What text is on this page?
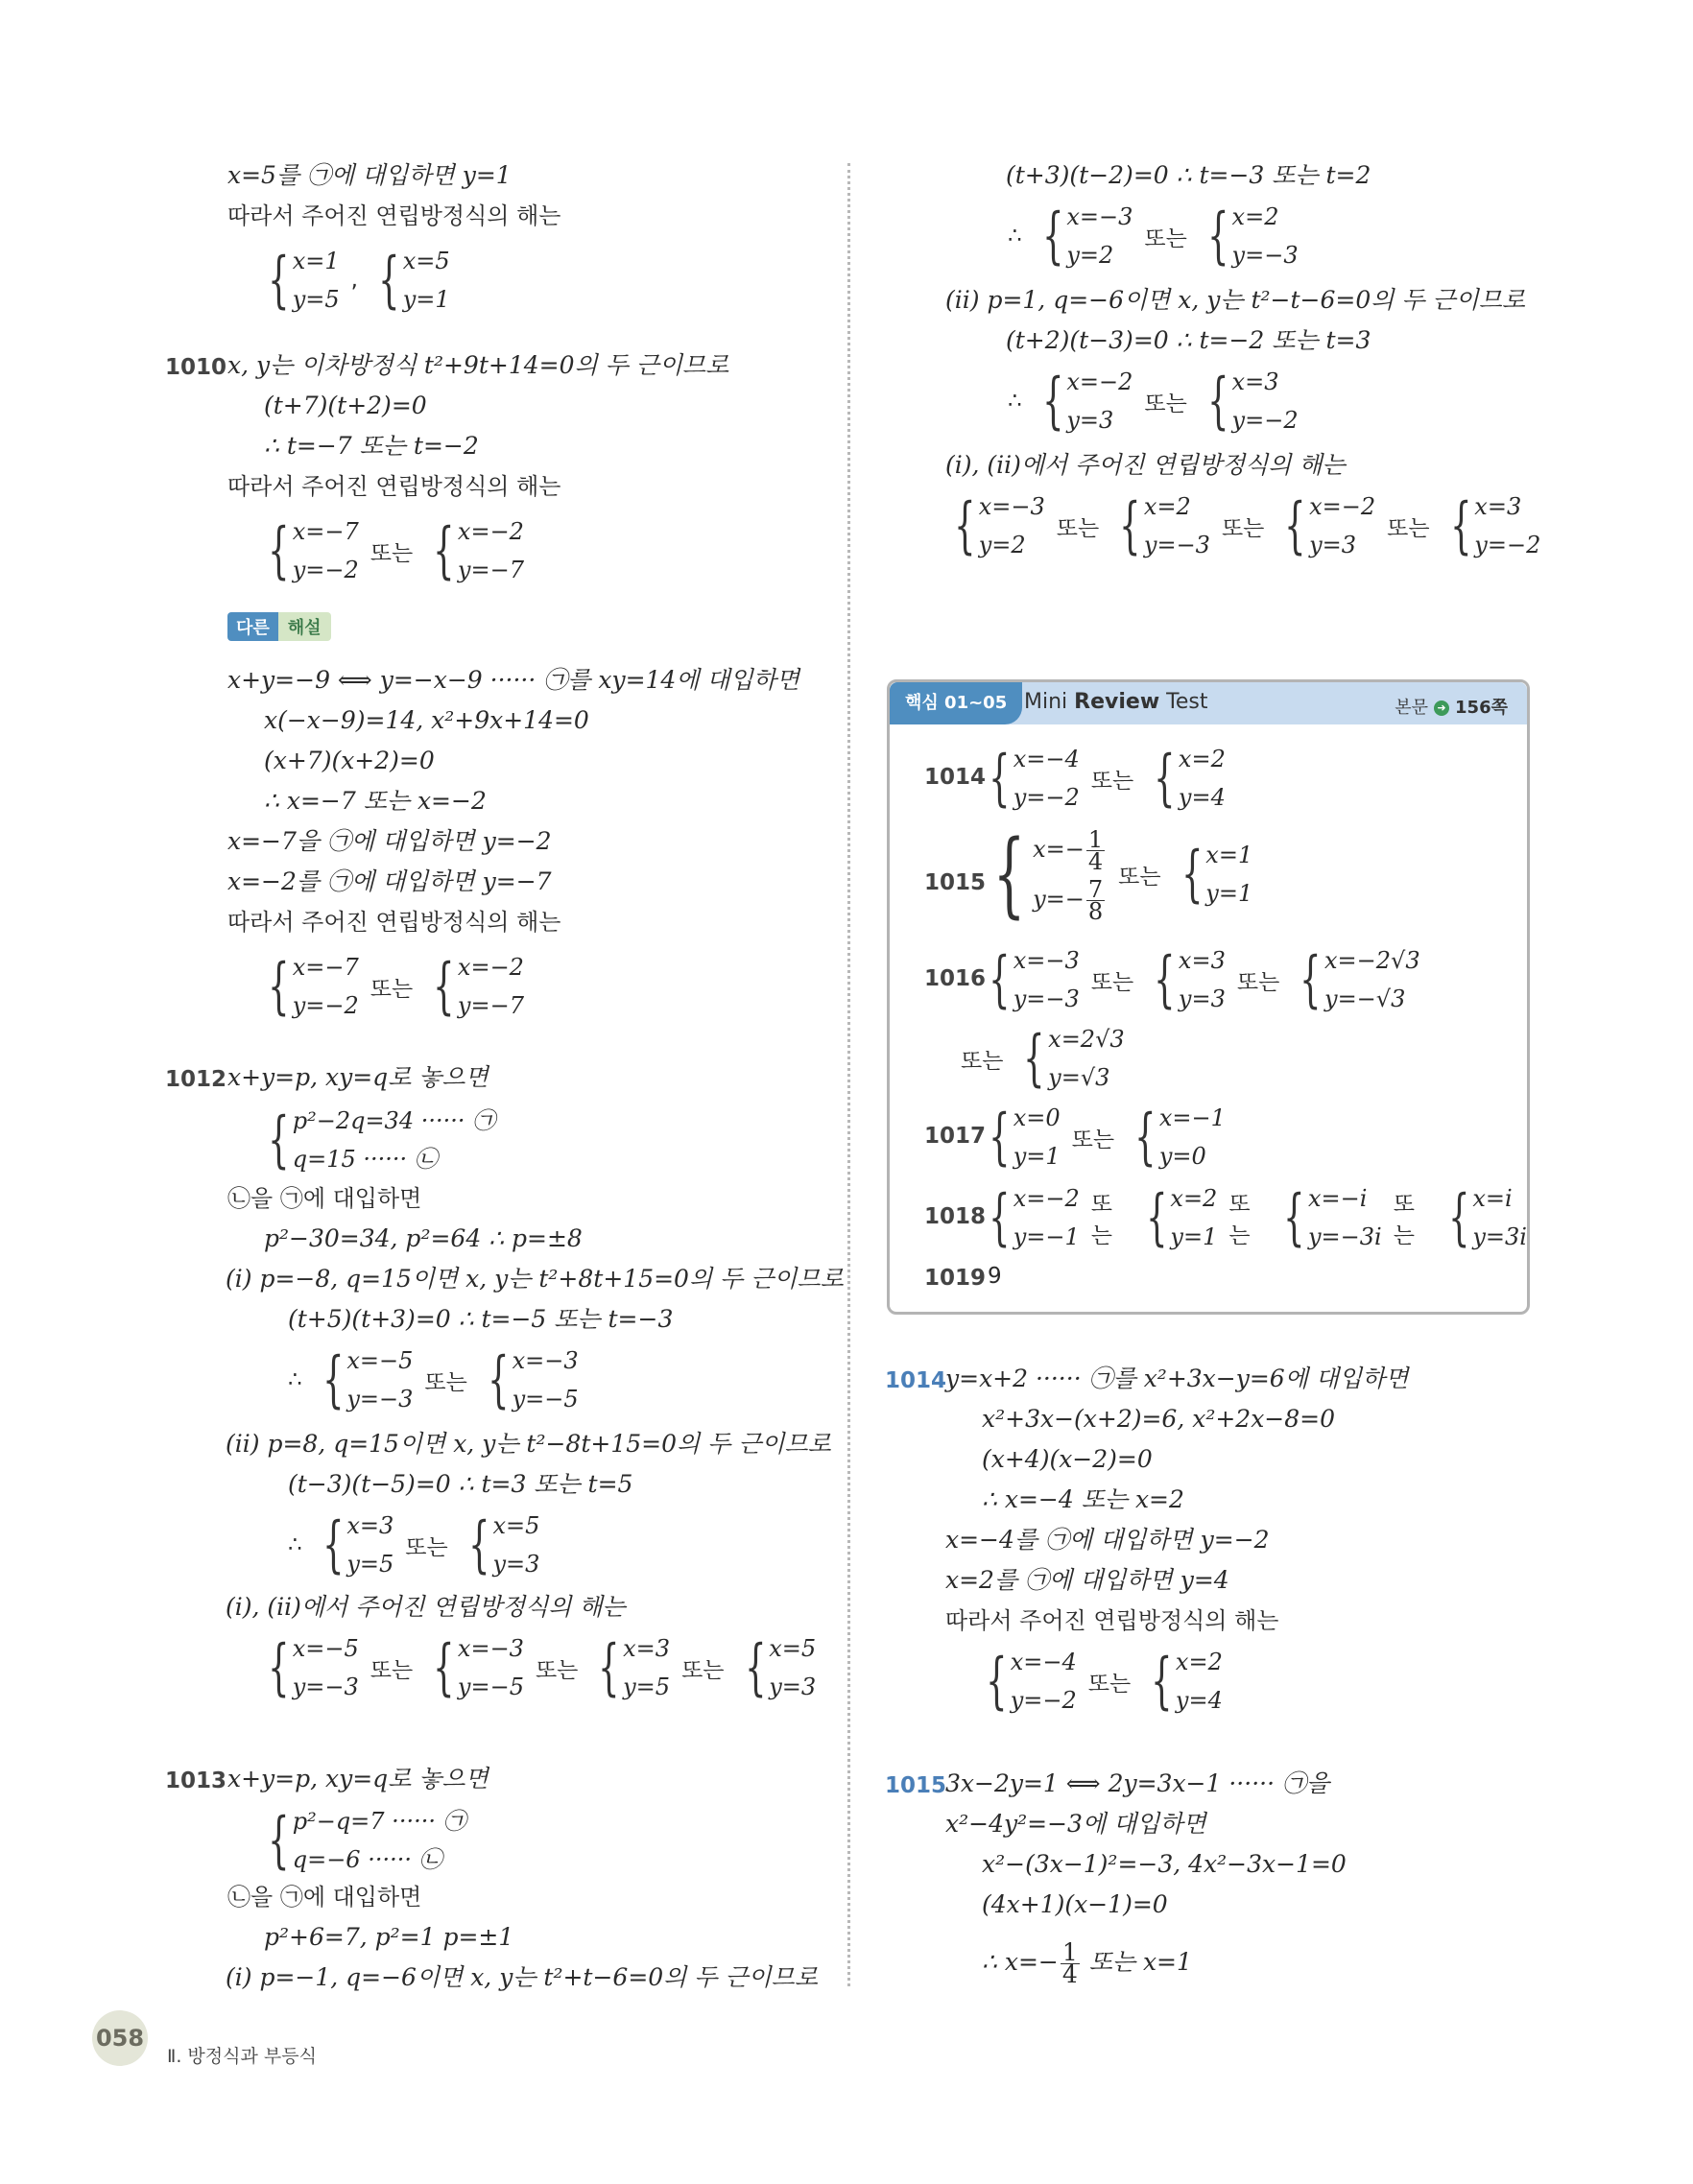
x=5를 ㉠에 대입하면 y=1
따라서 주어진 연립방정식의 해는
{ x=1
y=5
, { x=5
y=1
1010 x, y는 이차방정식 t²+9t+14=0의 두 근이므로
(t+7)(t+2)=0
∴ t=−7 또는 t=−2
따라서 주어진 연립방정식의 해는
{ x=−7
y=−2
또는 { x=−2
y=−7
다른	해설
x+y=−9 ⟺ y=−x−9 ······ ㉠를 xy=14에 대입하면
x(−x−9)=14, x²+9x+14=0
(x+7)(x+2)=0
∴ x=−7 또는 x=−2
x=−7을 ㉠에 대입하면 y=−2
x=−2를 ㉠에 대입하면 y=−7
따라서 주어진 연립방정식의 해는
{ x=−7
y=−2
또는 { x=−2
y=−7
1012 x+y=p, xy=q로 놓으면
{ p²−2q=34 ······ ㉠
q=15 ······ ㉡
㉡을 ㉠에 대입하면
p²−30=34, p²=64 ∴ p=±8
(ⅰ) p=−8, q=15이면 x, y는 t²+8t+15=0의 두 근이므로
(t+5)(t+3)=0 ∴ t=−5 또는 t=−3
∴ { x=−5
y=−3
또는 { x=−3
y=−5
(ⅱ) p=8, q=15이면 x, y는 t²−8t+15=0의 두 근이므로
(t−3)(t−5)=0 ∴ t=3 또는 t=5
∴ { x=3
y=5
또는 { x=5
y=3
(ⅰ), (ⅱ)에서 주어진 연립방정식의 해는
{ x=−5
y=−3
또는 { x=−3
y=−5
또는 { x=3
y=5
또는 { x=5
y=3
1013 x+y=p, xy=q로 놓으면
{ p²−q=7 ······ ㉠
q=−6 ······ ㉡
㉡을 ㉠에 대입하면
p²+6=7, p²=1 p=±1
(ⅰ) p=−1, q=−6이면 x, y는 t²+t−6=0의 두 근이므로
(t+3)(t−2)=0 ∴ t=−3 또는 t=2
∴ { x=−3
y=2
또는 { x=2
y=−3
(ⅱ) p=1, q=−6이면 x, y는 t²−t−6=0의 두 근이므로
(t+2)(t−3)=0 ∴ t=−2 또는 t=3
∴ { x=−2
y=3
또는 { x=3
y=−2
(ⅰ), (ⅱ)에서 주어진 연립방정식의 해는
{ x=−3
y=2
또는 { x=2
y=−3
또는 { x=−2
y=3
또는 { x=3
y=−2
핵심 01~05 Mini Review Test	본문 ➜ 156쪽
1014 { x=−4
y=−2
또는 { x=2
y=4
1015 { $x=- \frac{1}{4}$
$y=- \frac{7}{8}$
또는 { x=1
y=1
1016 { x=−3
y=−3
또는 { x=3
y=3
또는 { x=−2√3
y=−√3
또는 { x=2√3
y=√3
1017 { x=0
y=1
또는 { x=−1
y=0
1018 { x=−2
y=−1
또는 { x=2
y=1
또는 { x=−i
y=−3i
또는 { x=i
y=3i
1019 9
1014
y=x+2 ······ ㉠를 x²+3x−y=6에 대입하면
x²+3x−(x+2)=6, x²+2x−8=0
(x+4)(x−2)=0
∴ x=−4 또는 x=2
x=−4를 ㉠에 대입하면 y=−2
x=2를 ㉠에 대입하면 y=4
따라서 주어진 연립방정식의 해는
{ x=−4
y=−2
또는 { x=2
y=4
1015
3x−2y=1 ⟺ 2y=3x−1 ······ ㉠을
x²−4y²=−3에 대입하면
x²−(3x−1)²=−3, 4x²−3x−1=0
(4x+1)(x−1)=0
∴ $x=- \frac{1}{4}$ 또는 x=1
058
Ⅱ. 방정식과 부등식
